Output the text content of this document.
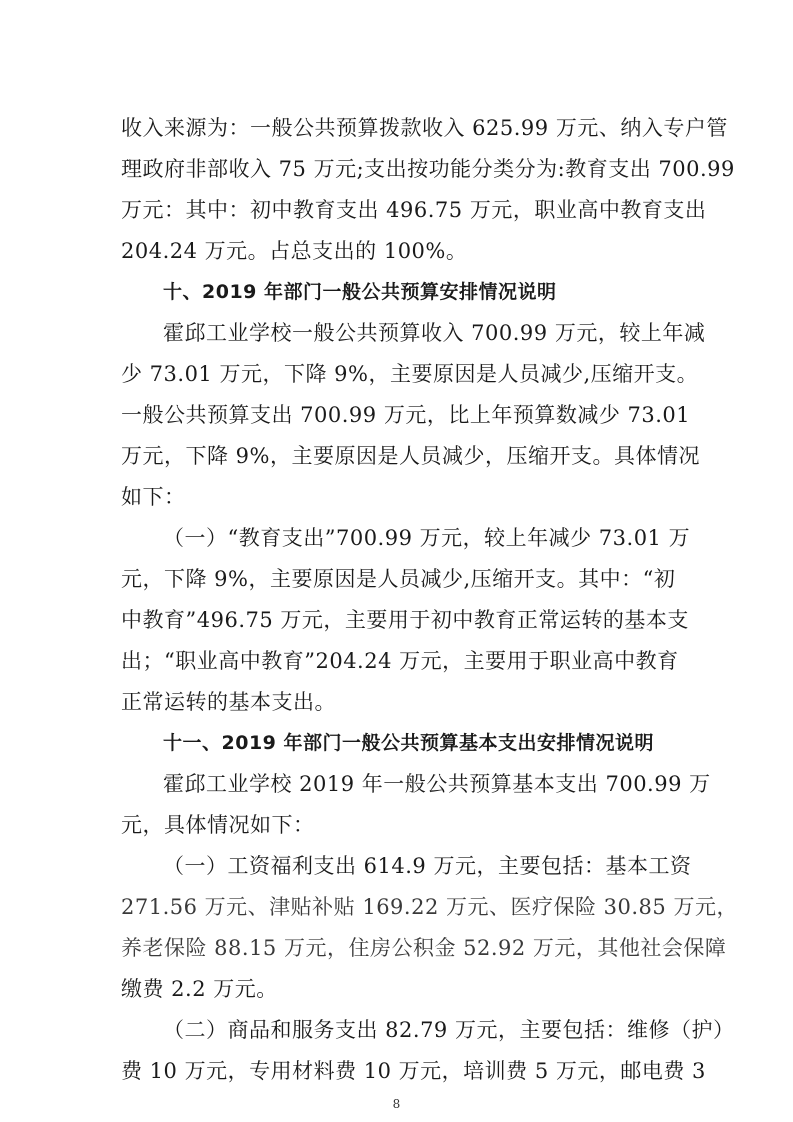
收入来源为：一般公共预算拨款收入 625.99 万元、纳入专户管
理政府非部收入 75 万元;支出按功能分类分为:教育支出 700.99
万元：其中：初中教育支出 496.75 万元，职业高中教育支出
204.24 万元。占总支出的 100%。
十、2019 年部门一般公共预算安排情况说明
霍邱工业学校一般公共预算收入 700.99 万元，较上年减
少 73.01 万元，下降 9%，主要原因是人员减少,压缩开支。
一般公共预算支出 700.99 万元，比上年预算数减少 73.01
万元，下降 9%，主要原因是人员减少，压缩开支。具体情况
如下：
（一）“教育支出”700.99 万元，较上年减少 73.01 万
元，下降 9%，主要原因是人员减少,压缩开支。其中：“初
中教育”496.75 万元，主要用于初中教育正常运转的基本支
出；“职业高中教育”204.24 万元，主要用于职业高中教育
正常运转的基本支出。
十一、2019 年部门一般公共预算基本支出安排情况说明
霍邱工业学校 2019 年一般公共预算基本支出 700.99 万
元，具体情况如下：
（一）工资福利支出 614.9 万元，主要包括：基本工资
271.56 万元、津贴补贴 169.22 万元、医疗保险 30.85 万元，
养老保险 88.15 万元，住房公积金 52.92 万元，其他社会保障
缴费 2.2 万元。
（二）商品和服务支出 82.79 万元，主要包括：维修（护）
费 10 万元，专用材料费 10 万元，培训费 5 万元，邮电费 3
8
